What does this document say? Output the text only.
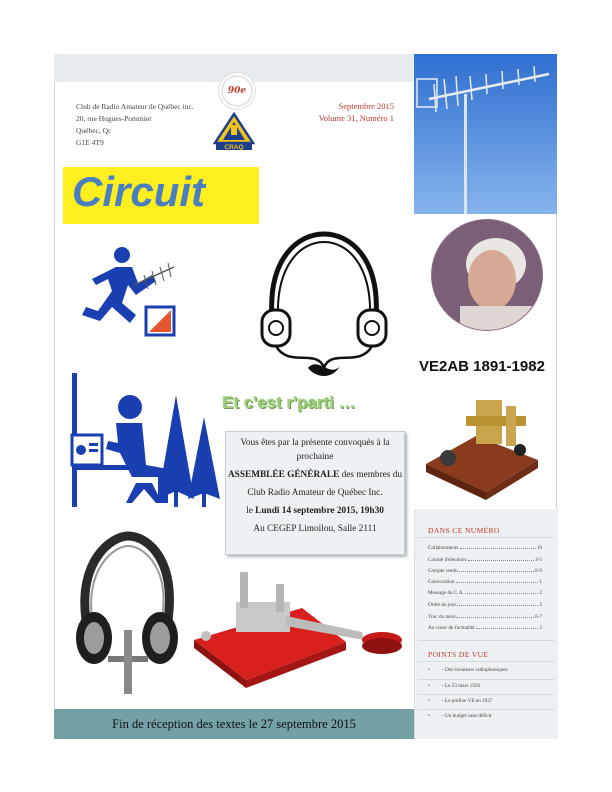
90e
Club de Radio Amateur de Québec inc.
20, rue Hugues-Pommier
Québec, Qc
G1E 4T9
Septembre 2015
Volume 31, Numéro 1
CRAQ
Circuit
VE2AB 1891-1982
Et c'est r'parti …

Vous êtes par la présente convoqués à la prochaine

ASSEMBLÉE GÉNÉRALE des membres du

Club Radio Amateur de Québec Inc.

le Lundi 14 septembre 2015, 19h30

Au CEGEP Limoilou, Salle 2111	DANS CE NUMÉRO
Collaborateurs	10
Comité d'élections	4-5
Compte rendu	8-9
Convocation	1
Message du C.A.	2
Ordre du jour	3
Truc du mois	6-7
Au coeur de l'actualité	3
POINTS DE VUE
• - Des écouteurs radiophoniques
• - Le 23 mars 1926
• - Le préfixe VE en 1927
• - Un budget sans déficit
Fin de réception des textes le 27 septembre 2015
